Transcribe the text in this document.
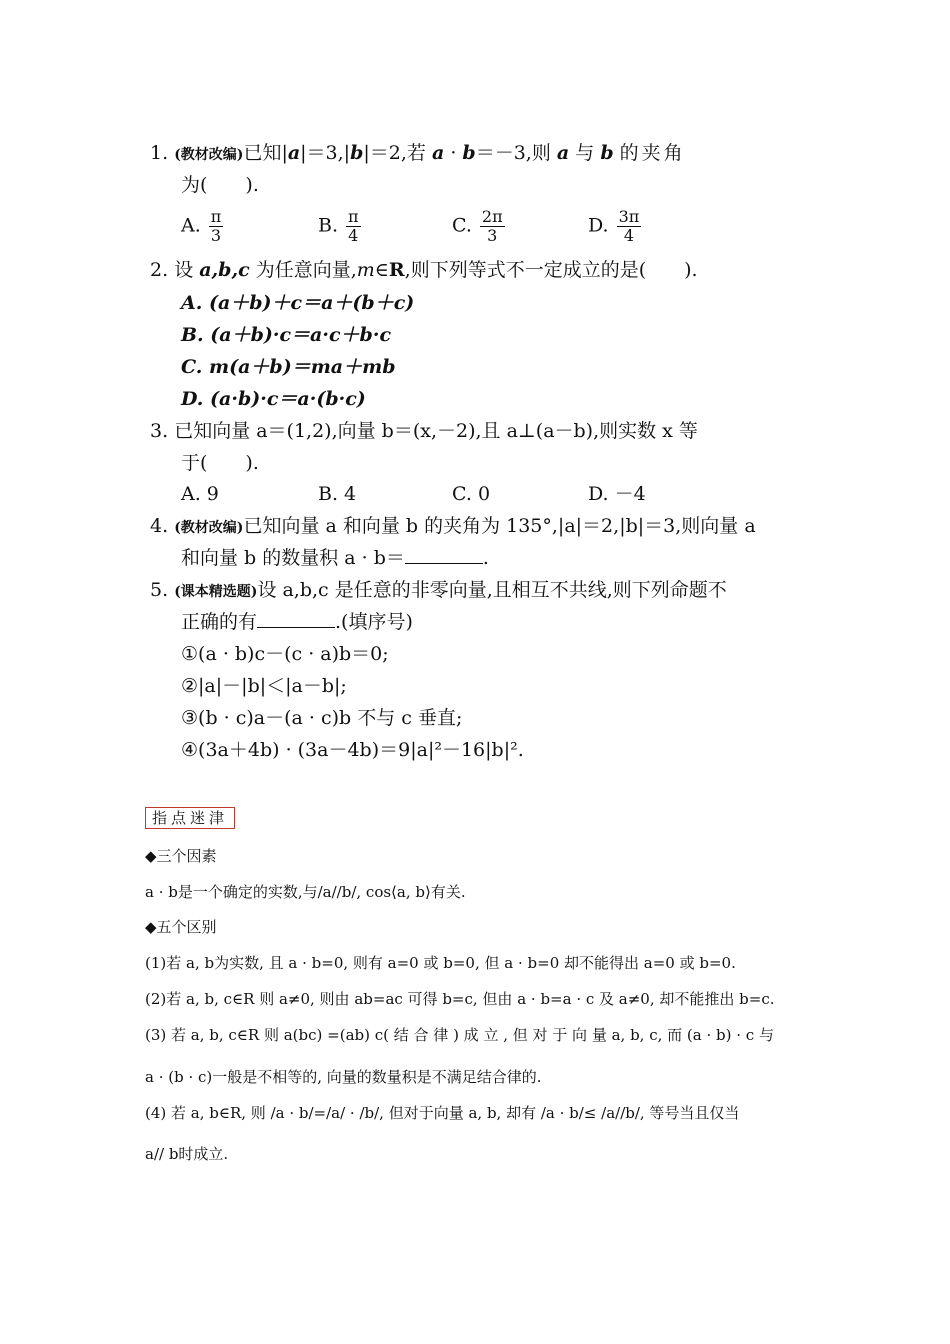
1. (教材改编)已知|a|＝3,|b|＝2,若 a · b＝－3,则 a 与 b 的夹角
为(　　).
A. $\frac{\pi}{3}$	B. $\frac{\pi}{4}$	C. $\frac{2\pi}{3}$	D. $\frac{3\pi}{4}$
2. 设 a,b,c 为任意向量,m∈R,则下列等式不一定成立的是(　　).
A. (a＋b)＋c＝a＋(b＋c)
B. (a＋b)·c＝a·c＋b·c
C. m(a＋b)＝ma＋mb
D. (a·b)·c＝a·(b·c)
3. 已知向量 a＝(1,2),向量 b＝(x,－2),且 a⊥(a－b),则实数 x 等
于(　　).
A. 9	B. 4	C. 0	D. －4
4. (教材改编)已知向量 a 和向量 b 的夹角为 135°,|a|＝2,|b|＝3,则向量 a
和向量 b 的数量积 a · b＝	.
5. (课本精选题)设 a,b,c 是任意的非零向量,且相互不共线,则下列命题不
正确的有	.(填序号)
①(a · b)c－(c · a)b＝0;
②|a|－|b|＜|a－b|;
③(b · c)a－(a · c)b 不与 c 垂直;
④(3a＋4b) · (3a－4b)＝9|a|²－16|b|².
指点迷津
◆三个因素
a · b是一个确定的实数,与/a//b/, cos⟨a, b⟩有关.
◆五个区别
(1)若 a, b为实数, 且 a · b=0, 则有 a=0 或 b=0, 但 a · b=0 却不能得出 a=0 或 b=0.
(2)若 a, b, c∈R 则 a≠0, 则由 ab=ac 可得 b=c, 但由 a · b=a · c 及 a≠0, 却不能推出 b=c.
(3) 若 a, b, c∈R 则 a(bc) =(ab) c( 结 合 律 ) 成 立 , 但 对 于 向 量 a, b, c, 而 (a · b) · c 与
a · (b · c)一般是不相等的, 向量的数量积是不满足结合律的.
(4) 若 a, b∈R, 则 /a · b/=/a/ · /b/, 但对于向量 a, b, 却有 /a · b/≤ /a//b/, 等号当且仅当
a// b时成立.
